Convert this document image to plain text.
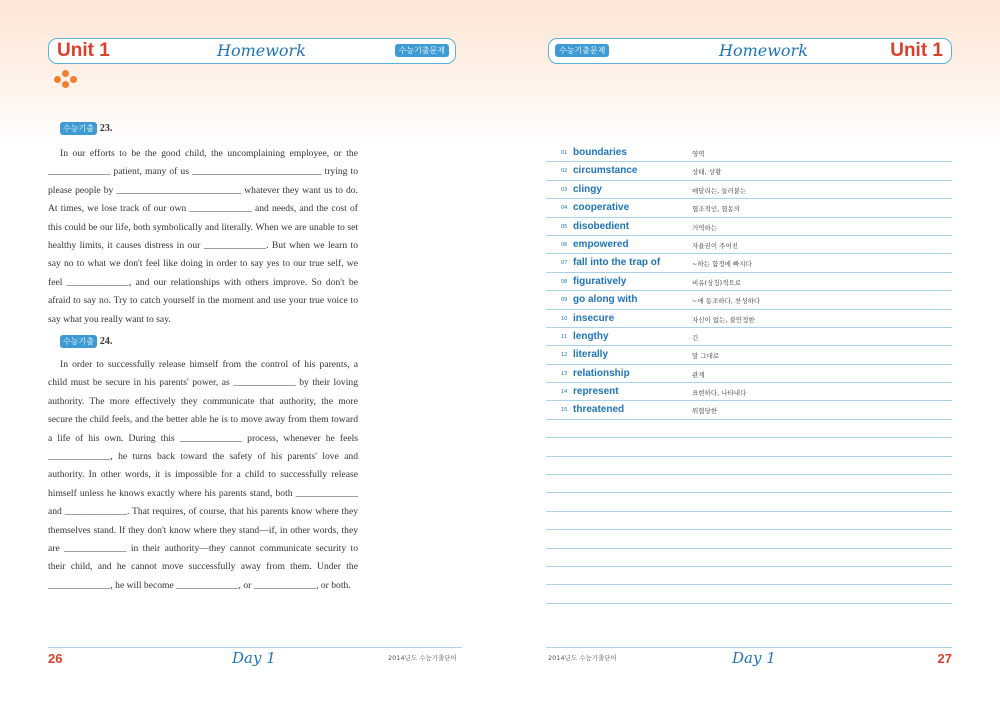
Unit 1	Homework	수능기출문제
수능기출 23.

In our efforts to be the good child, the uncomplaining employee, or the _____________ patient, many of us ___________________________ trying to please people by __________________________ whatever they want us to do. At times, we lose track of our own _____________ and needs, and the cost of this could be our life, both symbolically and literally. When we are unable to set healthy limits, it causes distress in our _____________. But when we learn to say no to what we don't feel like doing in order to say yes to our true self, we feel _____________, and our relationships with others improve. So don't be afraid to say no. Try to catch yourself in the moment and use your true voice to say what you really want to say.

수능기출 24.

In order to successfully release himself from the control of his parents, a child must be secure in his parents' power, as _____________ by their loving authority. The more effectively they communicate that authority, the more secure the child feels, and the better able he is to move away from them toward a life of his own. During this _____________ process, whenever he feels _____________, he turns back toward the safety of his parents' love and authority. In other words, it is impossible for a child to successfully release himself unless he knows exactly where his parents stand, both _____________ and _____________. That requires, of course, that his parents know where they themselves stand. If they don't know where they stand—if, in other words, they are _____________ in their authority—they cannot communicate security to their child, and he cannot move successfully away from them. Under the _____________, he will become _____________, or _____________, or both.

26	Day 1	2014년도 수능기출단어
수능기출문제	Homework	Unit 1
2014년도 수능기출단어	Day 1	27
01 boundaries	영역
02 circumstance	상태, 상황
03 clingy	매달리는, 들러붙는
04 cooperative	협조적인, 협동의
05 disobedient	거역하는
06 empowered	자율권이 주어진
07 fall into the trap of	~하는 함정에 빠지다
08 figuratively	비유(상징)적으로
09 go along with	~에 동조하다, 찬성하다
10 insecure	자신이 없는, 불안정한
11 lengthy	긴
12 literally	말 그대로
13 relationship	관계
14 represent	표현하다, 나타내다
15 threatened	위협당한
